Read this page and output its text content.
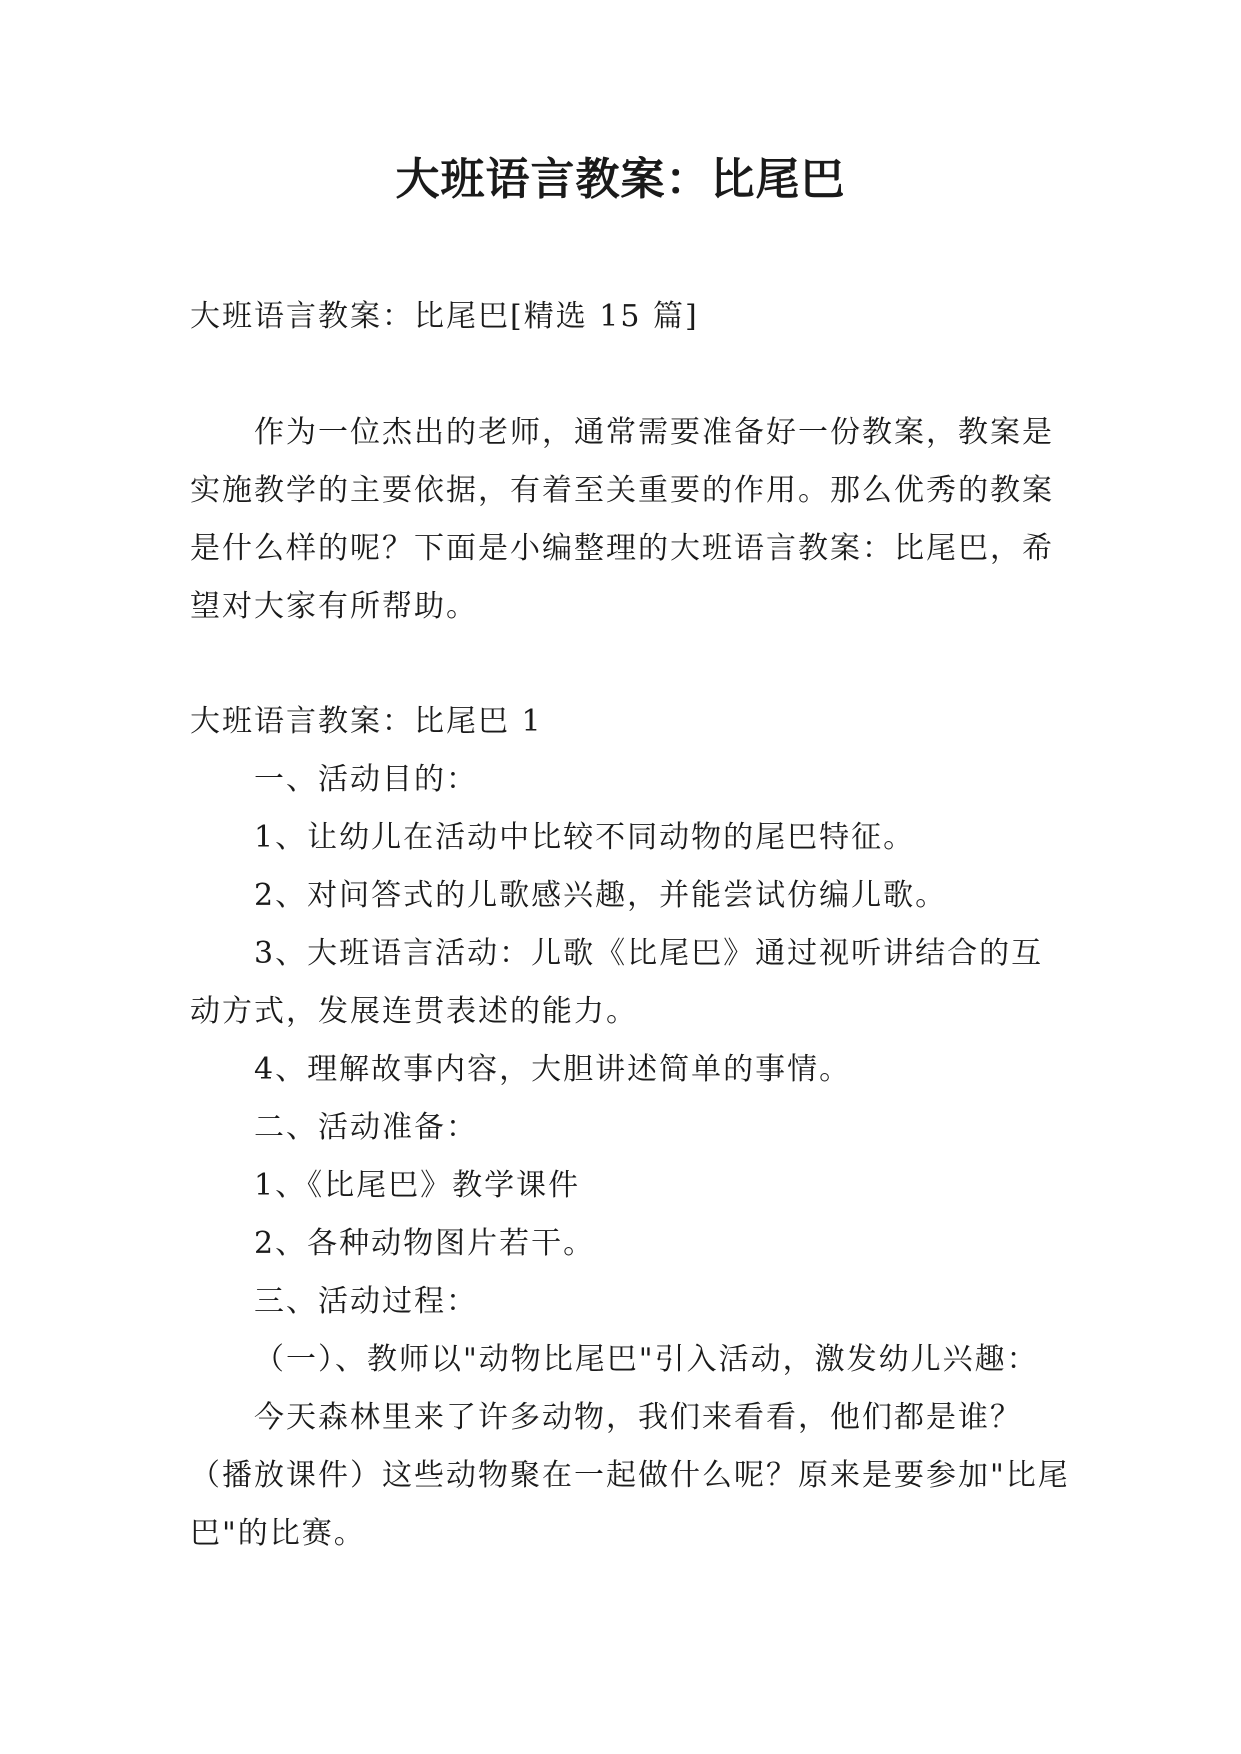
大班语言教案：比尾巴
大班语言教案：比尾巴[精选 15 篇]
作为一位杰出的老师，通常需要准备好一份教案，教案是实施教学的主要依据，有着至关重要的作用。那么优秀的教案是什么样的呢？下面是小编整理的大班语言教案：比尾巴，希望对大家有所帮助。

大班语言教案：比尾巴 1

一、活动目的：

1、让幼儿在活动中比较不同动物的尾巴特征。

2、对问答式的儿歌感兴趣，并能尝试仿编儿歌。

3、大班语言活动：儿歌《比尾巴》通过视听讲结合的互动方式，发展连贯表述的能力。

4、理解故事内容，大胆讲述简单的事情。

二、活动准备：

1、《比尾巴》教学课件

2、各种动物图片若干。

三、活动过程：

（一）、教师以"动物比尾巴"引入活动，激发幼儿兴趣：

今天森林里来了许多动物，我们来看看，他们都是谁？（播放课件）这些动物聚在一起做什么呢？原来是要参加"比尾巴"的比赛。
